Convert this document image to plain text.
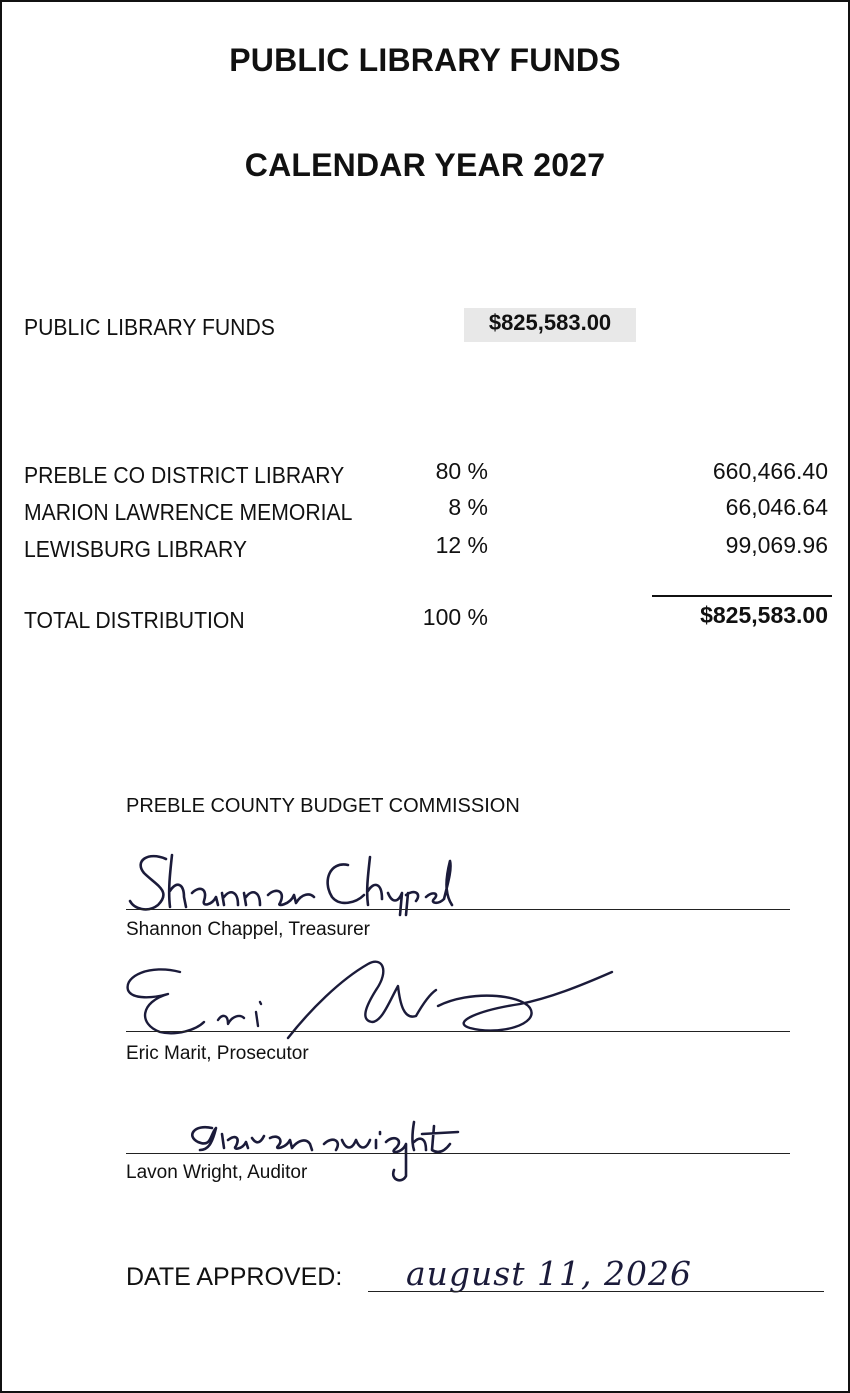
PUBLIC LIBRARY FUNDS
CALENDAR YEAR 2027
PUBLIC LIBRARY FUNDS	$825,583.00
PREBLE CO DISTRICT LIBRARY	80 %	660,466.40
MARION LAWRENCE MEMORIAL	8 %	66,046.64
LEWISBURG LIBRARY	12 %	99,069.96
TOTAL DISTRIBUTION	100 %	$825,583.00
PREBLE COUNTY BUDGET COMMISSION
Shannon Chappel, Treasurer
Eric Marit, Prosecutor
Lavon Wright, Auditor
DATE APPROVED: august 11, 2026
